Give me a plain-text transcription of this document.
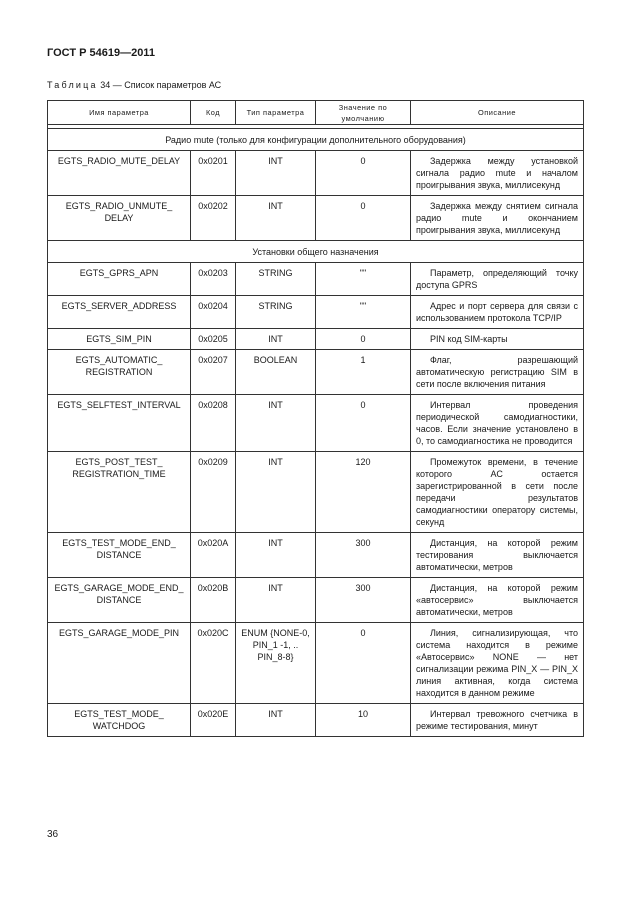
ГОСТ Р 54619—2011
Таблица 34 — Список параметров АС
Имя параметра	Код	Тип параметра	Значение по умолчанию	Описание

Радио mute (только для конфигурации дополнительного оборудования)				
EGTS_RADIO_MUTE_DELAY	0x0201	INT	0	Задержка между установкой сигнала радио mute и началом проигрывания звука, миллисекунд
EGTS_RADIO_UNMUTE_ DELAY	0x0202	INT	0	Задержка между снятием сигнала радио mute и окончанием проигрывания звука, миллисекунд
Установки общего назначения				
EGTS_GPRS_APN	0x0203	STRING	""	Параметр, определяющий точку доступа GPRS
EGTS_SERVER_ADDRESS	0x0204	STRING	""	Адрес и порт сервера для связи с использованием протокола TCP/IP
EGTS_SIM_PIN	0x0205	INT	0	PIN код SIM-карты
EGTS_AUTOMATIC_ REGISTRATION	0x0207	BOOLEAN	1	Флаг, разрешающий автоматическую регистрацию SIM в сети после включения питания
EGTS_SELFTEST_INTERVAL	0x0208	INT	0	Интервал проведения периодической самодиагностики, часов. Если значение установлено в 0, то самодиагностика не проводится
EGTS_POST_TEST_ REGISTRATION_TIME	0x0209	INT	120	Промежуток времени, в течение которого АС остается зарегистрированной в сети после передачи результатов самодиагностики оператору системы, секунд
EGTS_TEST_MODE_END_ DISTANCE	0x020A	INT	300	Дистанция, на которой режим тестирования выключается автоматически, метров
EGTS_GARAGE_MODE_END_ DISTANCE	0x020B	INT	300	Дистанция, на которой режим «автосервис» выключается автоматически, метров
EGTS_GARAGE_MODE_PIN	0x020C	ENUM {NONE-0, PIN_1 -1, .. PIN_8-8}	0	Линия, сигнализирующая, что система находится в режиме «Автосервис» NONE — нет сигнализации режима PIN_X — PIN_X линия активная, когда система находится в данном режиме
EGTS_TEST_MODE_ WATCHDOG	0x020E	INT	10	Интервал тревожного счетчика в режиме тестирования, минут
36
